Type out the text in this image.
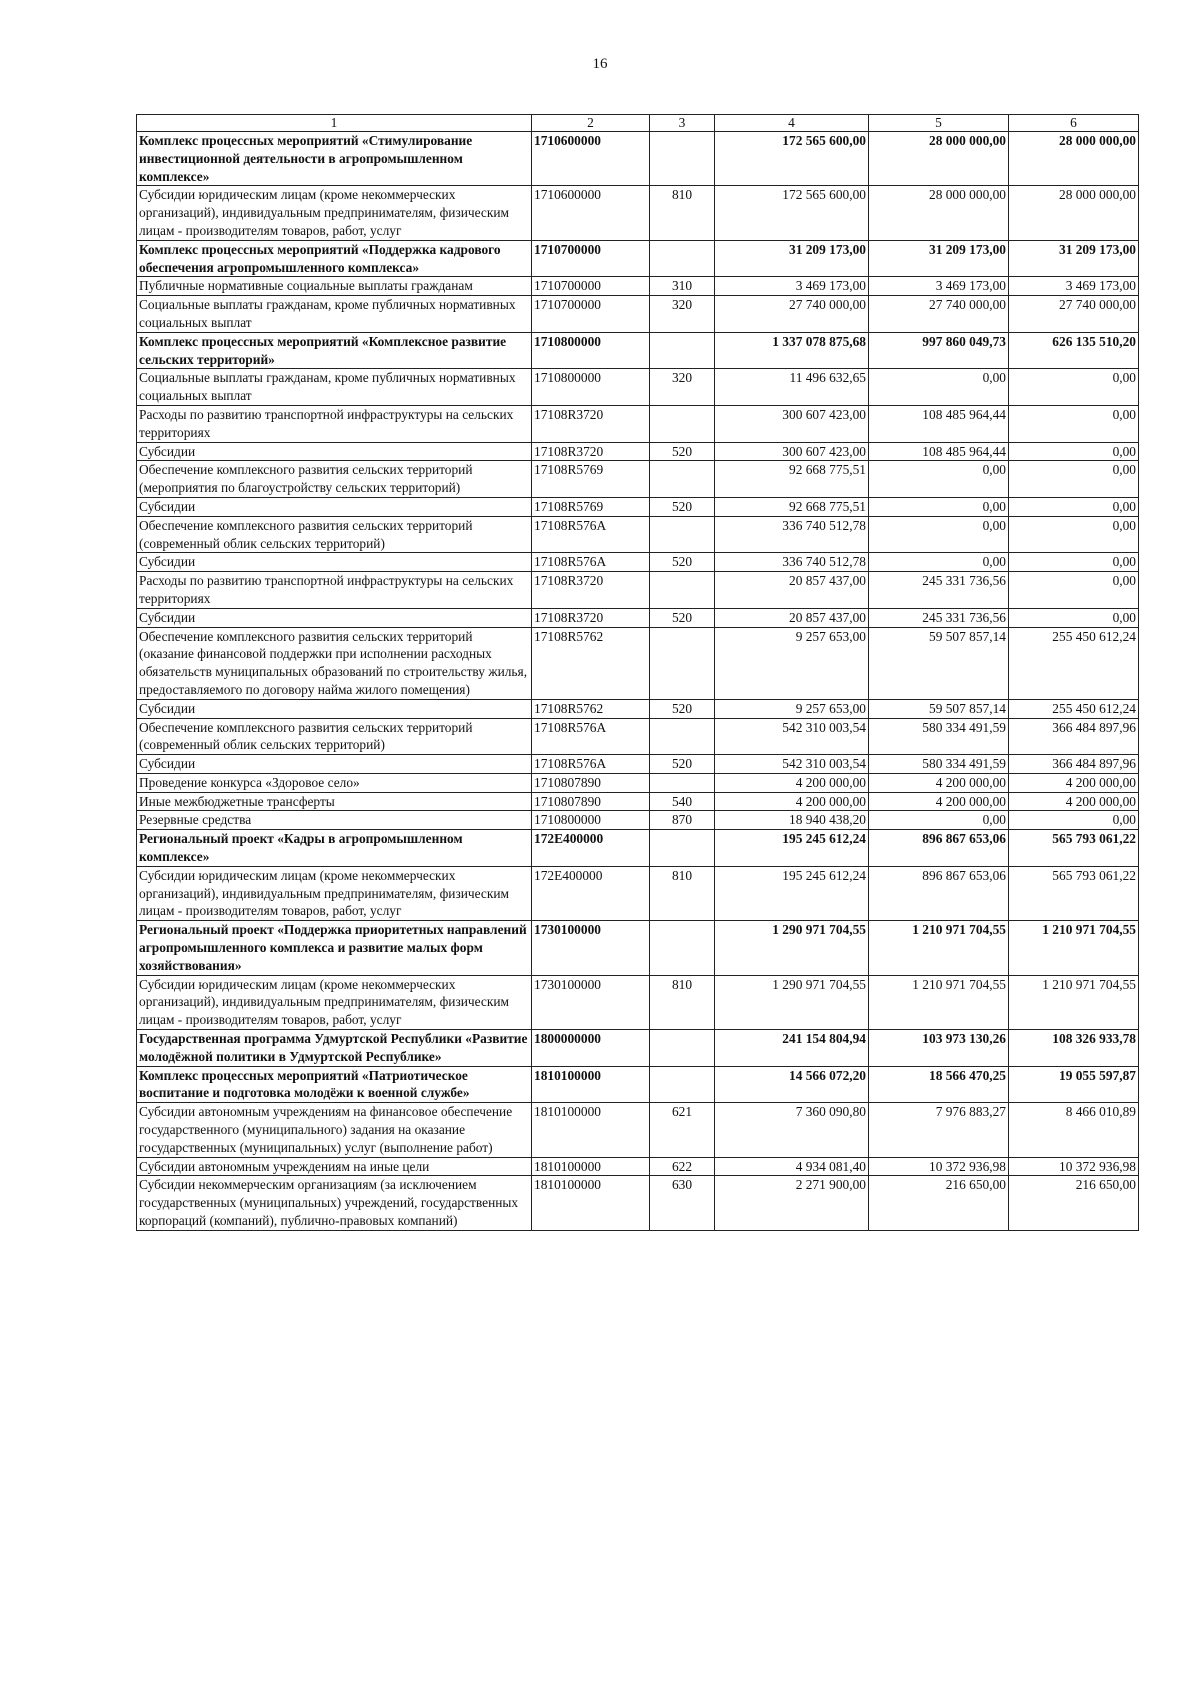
16
1	2	3	4	5	6
Комплекс процессных мероприятий «Стимулирование инвестиционной деятельности в агропромышленном комплексе»	1710600000		172 565 600,00	28 000 000,00	28 000 000,00
Субсидии юридическим лицам (кроме некоммерческих организаций), индивидуальным предпринимателям, физическим лицам - производителям товаров, работ, услуг	1710600000	810	172 565 600,00	28 000 000,00	28 000 000,00
Комплекс процессных мероприятий «Поддержка кадрового обеспечения агропромышленного комплекса»	1710700000		31 209 173,00	31 209 173,00	31 209 173,00
Публичные нормативные социальные выплаты гражданам	1710700000	310	3 469 173,00	3 469 173,00	3 469 173,00
Социальные выплаты гражданам, кроме публичных нормативных социальных выплат	1710700000	320	27 740 000,00	27 740 000,00	27 740 000,00
Комплекс процессных мероприятий «Комплексное развитие сельских территорий»	1710800000		1 337 078 875,68	997 860 049,73	626 135 510,20
Социальные выплаты гражданам, кроме публичных нормативных социальных выплат	1710800000	320	11 496 632,65	0,00	0,00
Расходы по развитию транспортной инфраструктуры на сельских территориях	17108R3720		300 607 423,00	108 485 964,44	0,00
Субсидии	17108R3720	520	300 607 423,00	108 485 964,44	0,00
Обеспечение комплексного развития сельских территорий (мероприятия по благоустройству сельских территорий)	17108R5769		92 668 775,51	0,00	0,00
Субсидии	17108R5769	520	92 668 775,51	0,00	0,00
Обеспечение комплексного развития сельских территорий (современный облик сельских территорий)	17108R576A		336 740 512,78	0,00	0,00
Субсидии	17108R576A	520	336 740 512,78	0,00	0,00
Расходы по развитию транспортной инфраструктуры на сельских территориях	17108R3720		20 857 437,00	245 331 736,56	0,00
Субсидии	17108R3720	520	20 857 437,00	245 331 736,56	0,00
Обеспечение комплексного развития сельских территорий (оказание финансовой поддержки при исполнении расходных обязательств муниципальных образований по строительству жилья, предоставляемого по договору найма жилого помещения)	17108R5762		9 257 653,00	59 507 857,14	255 450 612,24
Субсидии	17108R5762	520	9 257 653,00	59 507 857,14	255 450 612,24
Обеспечение комплексного развития сельских территорий (современный облик сельских территорий)	17108R576A		542 310 003,54	580 334 491,59	366 484 897,96
Субсидии	17108R576A	520	542 310 003,54	580 334 491,59	366 484 897,96
Проведение конкурса «Здоровое село»	1710807890		4 200 000,00	4 200 000,00	4 200 000,00
Иные межбюджетные трансферты	1710807890	540	4 200 000,00	4 200 000,00	4 200 000,00
Резервные средства	1710800000	870	18 940 438,20	0,00	0,00
Региональный проект «Кадры в агропромышленном комплексе»	172E400000		195 245 612,24	896 867 653,06	565 793 061,22
Субсидии юридическим лицам (кроме некоммерческих организаций), индивидуальным предпринимателям, физическим лицам - производителям товаров, работ, услуг	172E400000	810	195 245 612,24	896 867 653,06	565 793 061,22
Региональный проект «Поддержка приоритетных направлений агропромышленного комплекса и развитие малых форм хозяйствования»	1730100000		1 290 971 704,55	1 210 971 704,55	1 210 971 704,55
Субсидии юридическим лицам (кроме некоммерческих организаций), индивидуальным предпринимателям, физическим лицам - производителям товаров, работ, услуг	1730100000	810	1 290 971 704,55	1 210 971 704,55	1 210 971 704,55
Государственная программа Удмуртской Республики «Развитие молодёжной политики в Удмуртской Республике»	1800000000		241 154 804,94	103 973 130,26	108 326 933,78
Комплекс процессных мероприятий «Патриотическое воспитание и подготовка молодёжи к военной службе»	1810100000		14 566 072,20	18 566 470,25	19 055 597,87
Субсидии автономным учреждениям на финансовое обеспечение государственного (муниципального) задания на оказание государственных (муниципальных) услуг (выполнение работ)	1810100000	621	7 360 090,80	7 976 883,27	8 466 010,89
Субсидии автономным учреждениям на иные цели	1810100000	622	4 934 081,40	10 372 936,98	10 372 936,98
Субсидии некоммерческим организациям (за исключением государственных (муниципальных) учреждений, государственных корпораций (компаний), публично-правовых компаний)	1810100000	630	2 271 900,00	216 650,00	216 650,00
